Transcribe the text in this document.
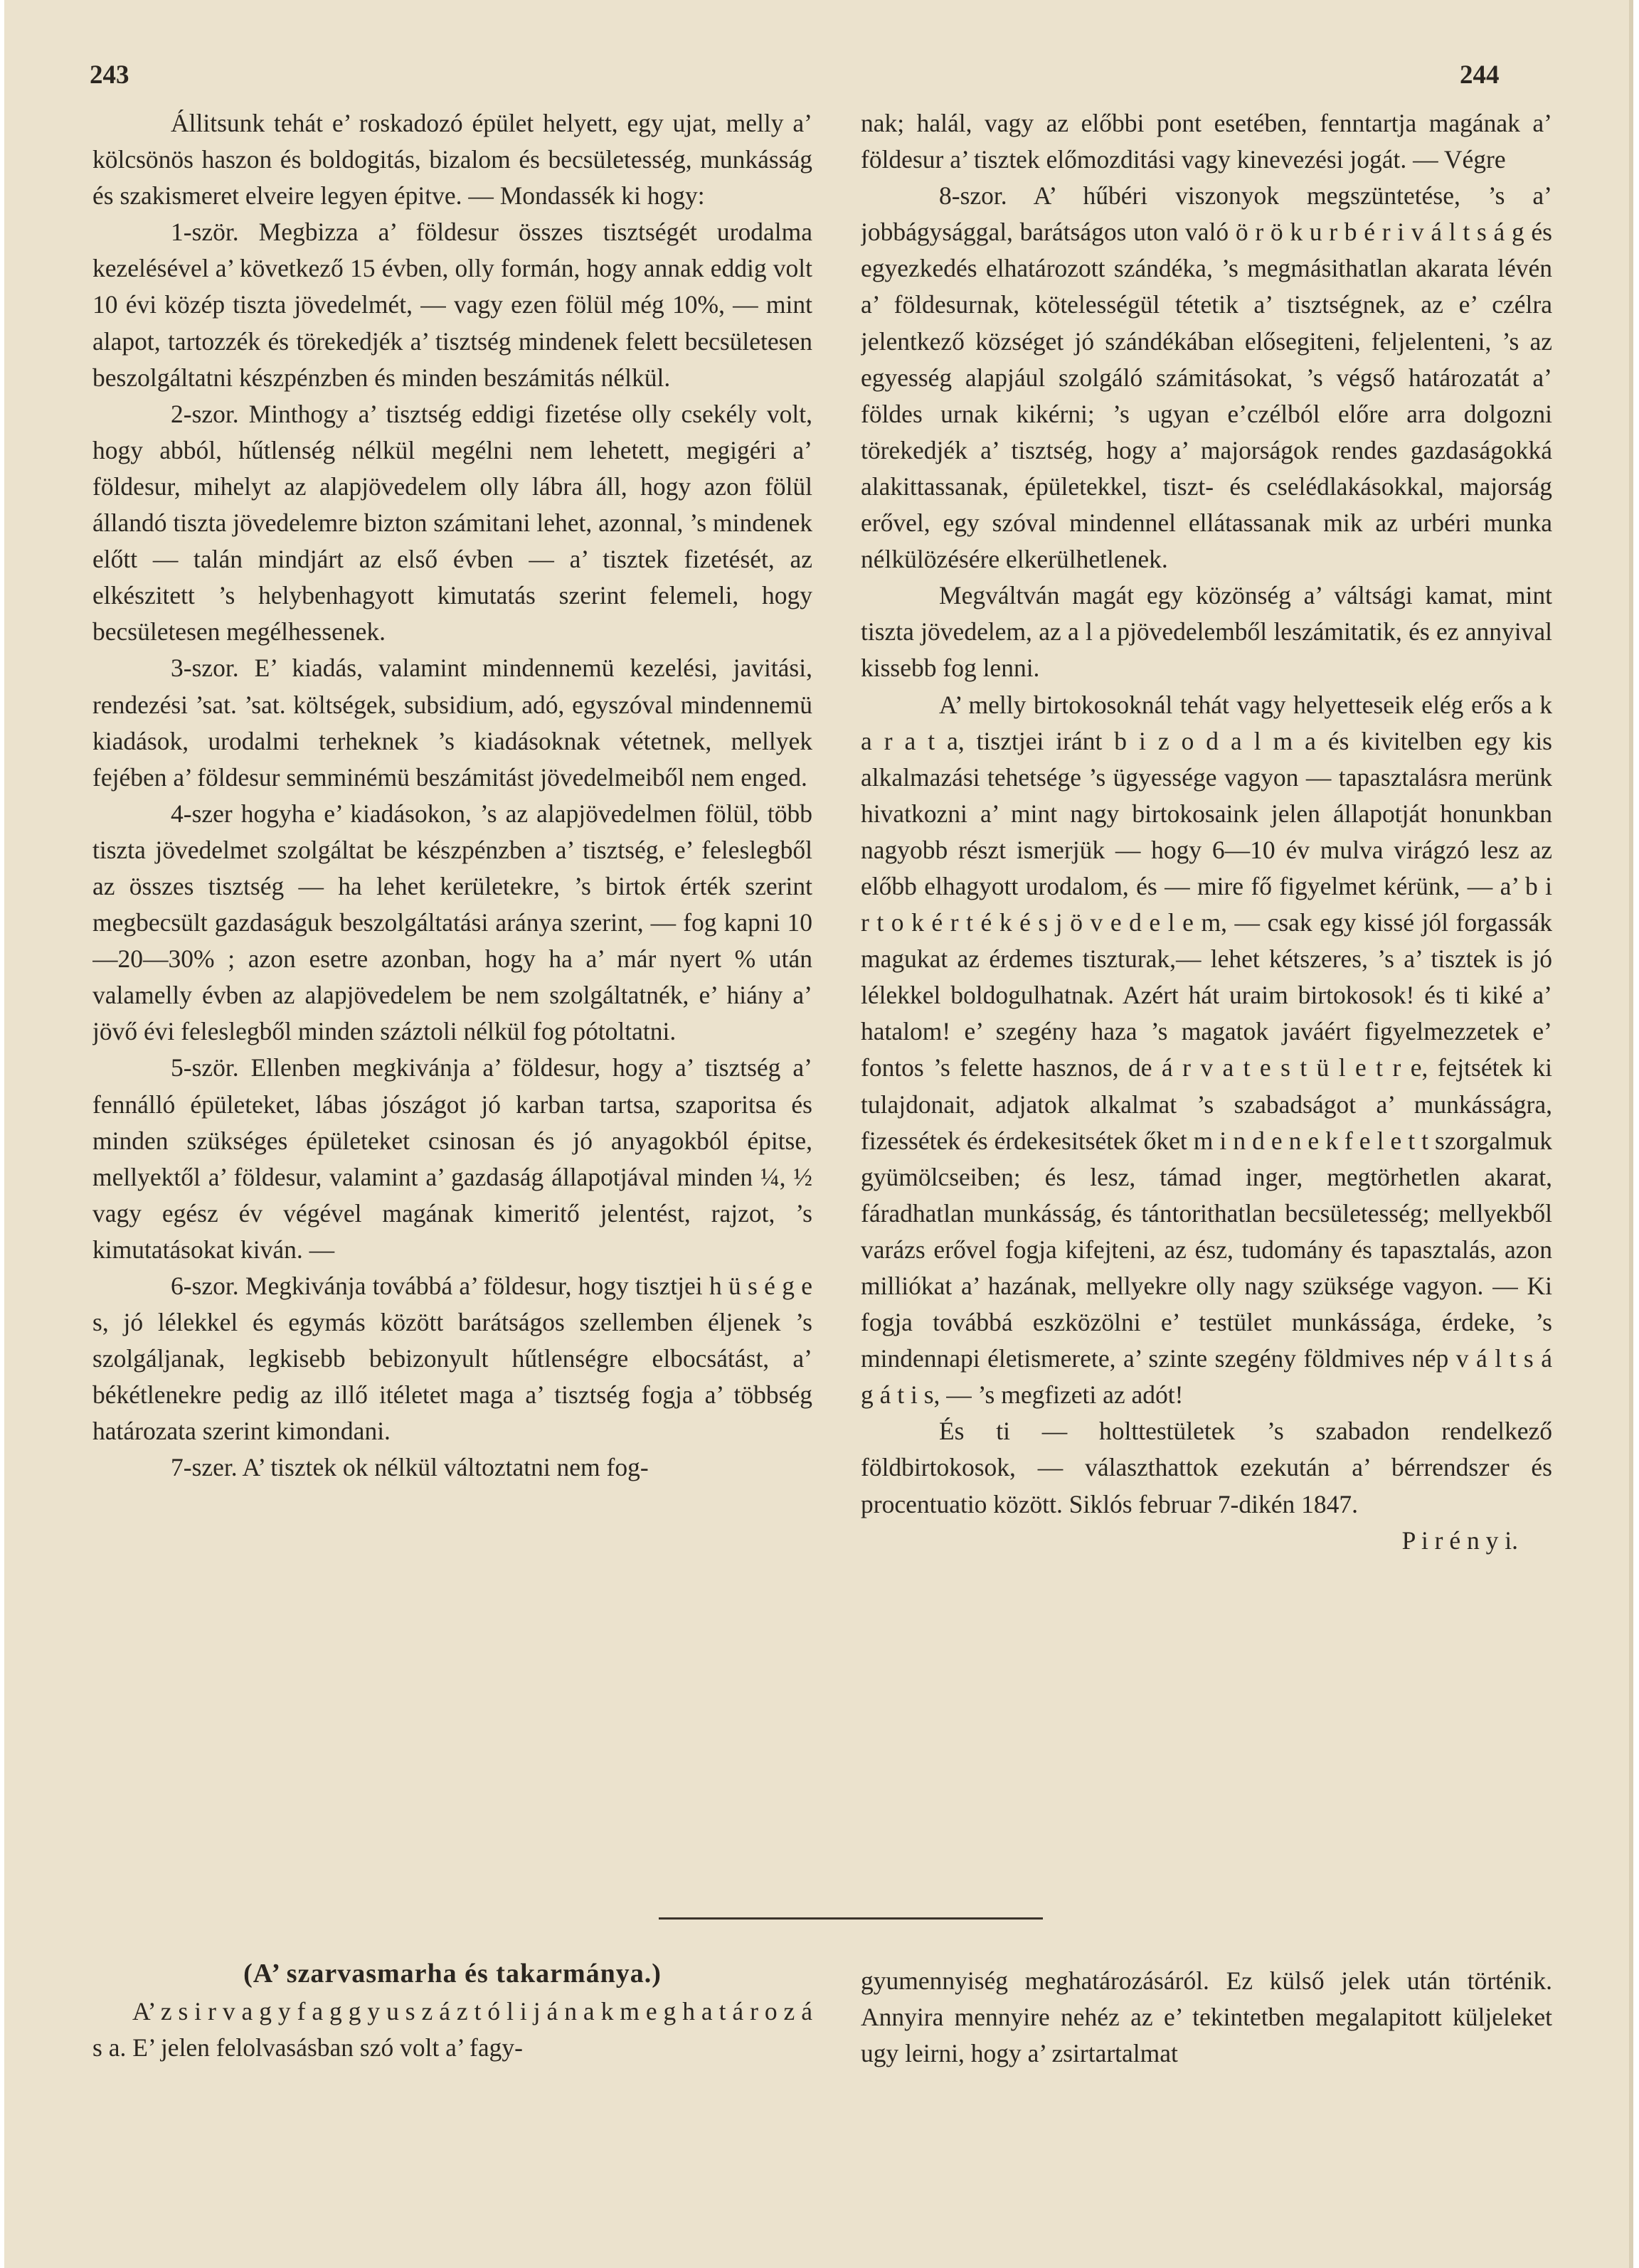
243	244

Állitsunk tehát e’ roskadozó épület helyett, egy ujat, melly a’ kölcsönös haszon és boldogitás, bizalom és becsületesség, munkásság és szakismeret elveire legyen épitve. — Mondassék ki hogy:

1-ször. Megbizza a’ földesur összes tisztségét urodalma kezelésével a’ következő 15 évben, olly formán, hogy annak eddig volt 10 évi közép tiszta jövedelmét, — vagy ezen fölül még 10%, — mint alapot, tartozzék és törekedjék a’ tisztség mindenek felett becsületesen beszolgáltatni készpénzben és minden beszámitás nélkül.

2-szor. Minthogy a’ tisztség eddigi fizetése olly csekély volt, hogy abból, hűtlenség nélkül megélni nem lehetett, megigéri a’ földesur, mihelyt az alapjövedelem olly lábra áll, hogy azon fölül állandó tiszta jövedelemre bizton számitani lehet, azonnal, ’s mindenek előtt — talán mindjárt az első évben — a’ tisztek fizetését, az elkészitett ’s helybenhagyott kimutatás szerint felemeli, hogy becsületesen megélhessenek.

3-szor. E’ kiadás, valamint mindennemü kezelési, javitási, rendezési ’sat. ’sat. költségek, subsidium, adó, egyszóval mindennemü kiadások, urodalmi terheknek ’s kiadásoknak vétetnek, mellyek fejében a’ földesur semminémü beszámitást jövedelmeiből nem enged.

4-szer hogyha e’ kiadásokon, ’s az alapjövedelmen fölül, több tiszta jövedelmet szolgáltat be készpénzben a’ tisztség, e’ feleslegből az összes tisztség — ha lehet kerületekre, ’s birtok érték szerint megbecsült gazdaságuk beszolgáltatási aránya szerint, — fog kapni 10—20—30% ; azon esetre azonban, hogy ha a’ már nyert % után valamelly évben az alapjövedelem be nem szolgáltatnék, e’ hiány a’ jövő évi feleslegből minden száztoli nélkül fog pótoltatni.

5-ször. Ellenben megkivánja a’ földesur, hogy a’ tisztség a’ fennálló épületeket, lábas jószágot jó karban tartsa, szaporitsa és minden szükséges épületeket csinosan és jó anyagokból épitse, mellyektől a’ földesur, valamint a’ gazdaság állapotjával minden ¼, ½ vagy egész év végével magának kimeritő jelentést, rajzot, ’s kimutatásokat kiván. —

6-szor. Megkivánja továbbá a’ földesur, hogy tisztjei h ü s é g e s, jó lélekkel és egymás között barátságos szellemben éljenek ’s szolgáljanak, legkisebb bebizonyult hűtlenségre elbocsátást, a’ békétlenekre pedig az illő itéletet maga a’ tisztség fogja a’ többség határozata szerint kimondani.

7-szer. A’ tisztek ok nélkül változtatni nem fog-

nak; halál, vagy az előbbi pont esetében, fenntartja magának a’ földesur a’ tisztek előmozditási vagy kinevezési jogát. — Végre

8-szor. A’ hűbéri viszonyok megszüntetése, ’s a’ jobbágysággal, barátságos uton való ö r ö k u r b é r i v á l t s á g és egyezkedés elhatározott szándéka, ’s megmásithatlan akarata lévén a’ földesurnak, kötelességül tétetik a’ tisztségnek, az e’ czélra jelentkező községet jó szándékában elősegiteni, feljelenteni, ’s az egyesség alapjául szolgáló számitásokat, ’s végső határozatát a’ földes urnak kikérni; ’s ugyan e’czélból előre arra dolgozni törekedjék a’ tisztség, hogy a’ majorságok rendes gazdaságokká alakittassanak, épületekkel, tiszt- és cselédlakásokkal, majorság erővel, egy szóval mindennel ellátassanak mik az urbéri munka nélkülözésére elkerülhetlenek.

Megváltván magát egy közönség a’ váltsági kamat, mint tiszta jövedelem, az a l a pjövedelemből leszámitatik, és ez annyival kissebb fog lenni.

A’ melly birtokosoknál tehát vagy helyetteseik elég erős a k a r a t a, tisztjei iránt b i z o d a l m a és kivitelben egy kis alkalmazási tehetsége ’s ügyessége vagyon — tapasztalásra merünk hivatkozni a’ mint nagy birtokosaink jelen állapotját honunkban nagyobb részt ismerjük — hogy 6—10 év mulva virágzó lesz az előbb elhagyott urodalom, és — mire fő figyelmet kérünk, — a’ b i r t o k é r t é k é s j ö v e d e l e m, — csak egy kissé jól forgassák magukat az érdemes tiszturak,— lehet kétszeres, ’s a’ tisztek is jó lélekkel boldogulhatnak. Azért hát uraim birtokosok! és ti kiké a’ hatalom! e’ szegény haza ’s magatok javáért figyelmezzetek e’ fontos ’s felette hasznos, de á r v a t e s t ü l e t r e, fejtsétek ki tulajdonait, adjatok alkalmat ’s szabadságot a’ munkásságra, fizessétek és érdekesitsétek őket m i n d e n e k f e l e t t szorgalmuk gyümölcseiben; és lesz, támad inger, megtörhetlen akarat, fáradhatlan munkásság, és tántorithatlan becsületesség; mellyekből varázs erővel fogja kifejteni, az ész, tudomány és tapasztalás, azon milliókat a’ hazának, mellyekre olly nagy szüksége vagyon. — Ki fogja továbbá eszközölni e’ testület munkássága, érdeke, ’s mindennapi életismerete, a’ szinte szegény földmives nép v á l t s á g á t i s, — ’s megfizeti az adót!

És ti — holttestületek ’s szabadon rendelkező földbirtokosok, — választhattok ezekután a’ bérrendszer és procentuatio között. Siklós februar 7-dikén 1847.

P i r é n y i.

(A’ szarvasmarha és takarmánya.)

A’ z s i r v a g y f a g g y u s z á z t ó l i j á n a k m e g h a t á r o z á s a. E’ jelen felolvasásban szó volt a’ fagy-

gyumennyiség meghatározásáról. Ez külső jelek után történik. Annyira mennyire nehéz az e’ tekintetben megalapitott küljeleket ugy leirni, hogy a’ zsirtartalmat
